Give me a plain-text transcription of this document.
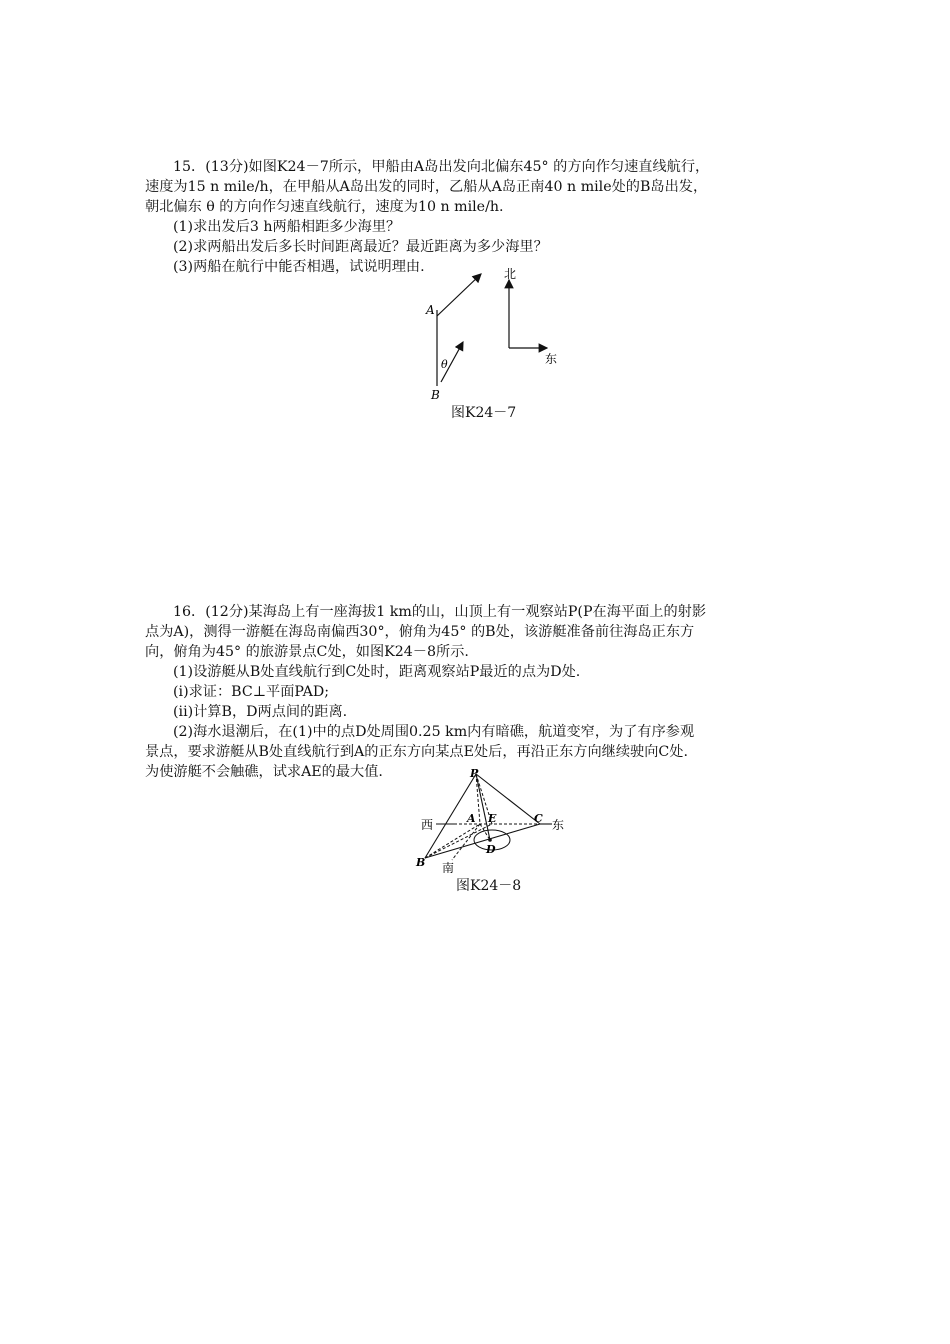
15．(13分)如图K24－7所示，甲船由A岛出发向北偏东45° 的方向作匀速直线航行，
速度为15 n mile/h，在甲船从A岛出发的同时，乙船从A岛正南40 n mile处的B岛出发，
朝北偏东 θ 的方向作匀速直线航行，速度为10 n mile/h.
(1)求出发后3 h两船相距多少海里？
(2)求两船出发后多长时间距离最近？最近距离为多少海里？
(3)两船在航行中能否相遇，试说明理由.
A
B
θ
北
东
图K24－7
16．(12分)某海岛上有一座海拔1 km的山，山顶上有一观察站P(P在海平面上的射影
点为A)，测得一游艇在海岛南偏西30°，俯角为45° 的B处，该游艇准备前往海岛正东方
向，俯角为45° 的旅游景点C处，如图K24－8所示.
(1)设游艇从B处直线航行到C处时，距离观察站P最近的点为D处.
(i)求证：BC⊥平面PAD;
(ii)计算B，D两点间的距离.
(2)海水退潮后，在(1)中的点D处周围0.25 km内有暗礁，航道变窄，为了有序参观
景点，要求游艇从B处直线航行到A的正东方向某点E处后，再沿正东方向继续驶向C处.
为使游艇不会触礁，试求AE的最大值.	P
A E	C
B
D
西	东
南
图K24－8
